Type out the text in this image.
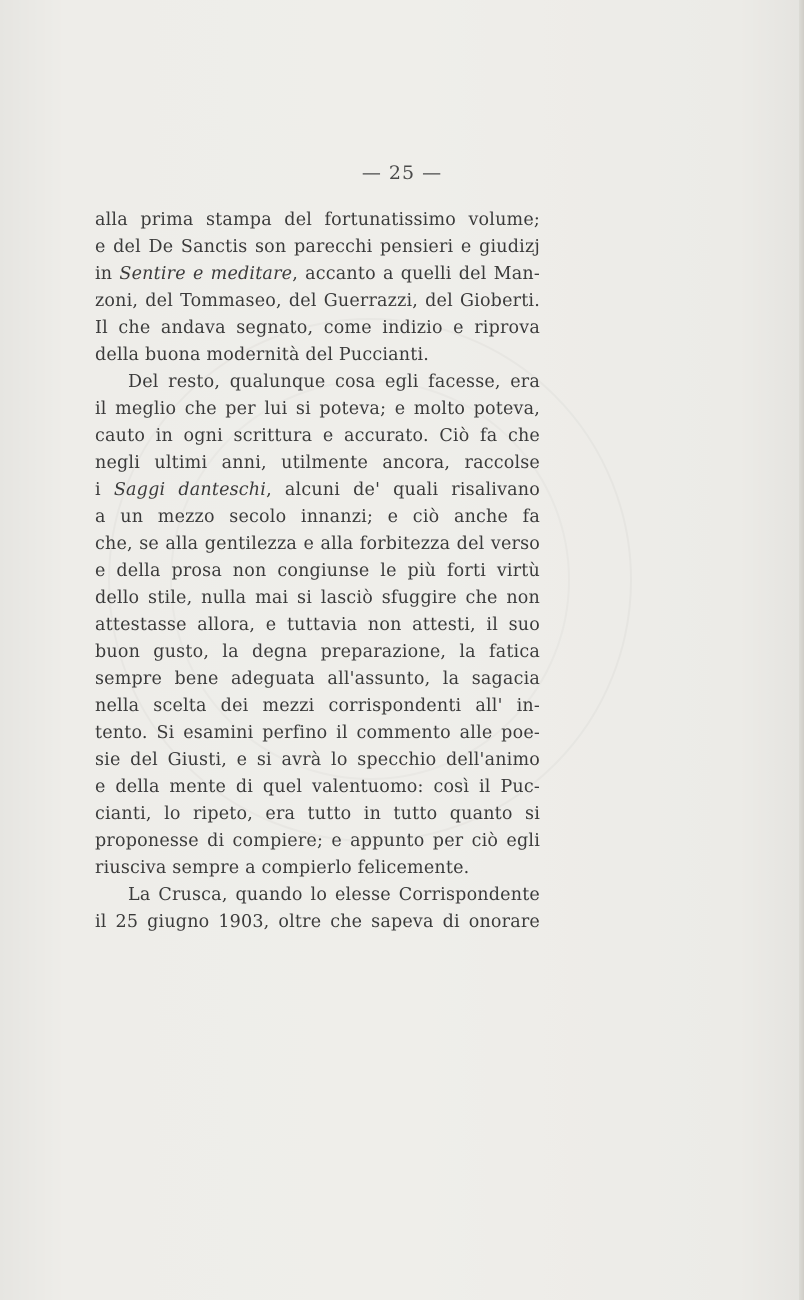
— 25 —
alla prima stampa del fortunatissimo volume;
e del De Sanctis son parecchi pensieri e giudizj
in Sentire e meditare, accanto a quelli del Man-
zoni, del Tommaseo, del Guerrazzi, del Gioberti.
Il che andava segnato, come indizio e riprova
della buona modernità del Puccianti.
Del resto, qualunque cosa egli facesse, era
il meglio che per lui si poteva; e molto poteva,
cauto in ogni scrittura e accurato. Ciò fa che
negli ultimi anni, utilmente ancora, raccolse
i Saggi danteschi, alcuni de' quali risalivano
a un mezzo secolo innanzi; e ciò anche fa
che, se alla gentilezza e alla forbitezza del verso
e della prosa non congiunse le più forti virtù
dello stile, nulla mai si lasciò sfuggire che non
attestasse allora, e tuttavia non attesti, il suo
buon gusto, la degna preparazione, la fatica
sempre bene adeguata all'assunto, la sagacia
nella scelta dei mezzi corrispondenti all' in-
tento. Si esamini perfino il commento alle poe-
sie del Giusti, e si avrà lo specchio dell'animo
e della mente di quel valentuomo: così il Puc-
cianti, lo ripeto, era tutto in tutto quanto si
proponesse di compiere; e appunto per ciò egli
riusciva sempre a compierlo felicemente.
La Crusca, quando lo elesse Corrispondente
il 25 giugno 1903, oltre che sapeva di onorare
